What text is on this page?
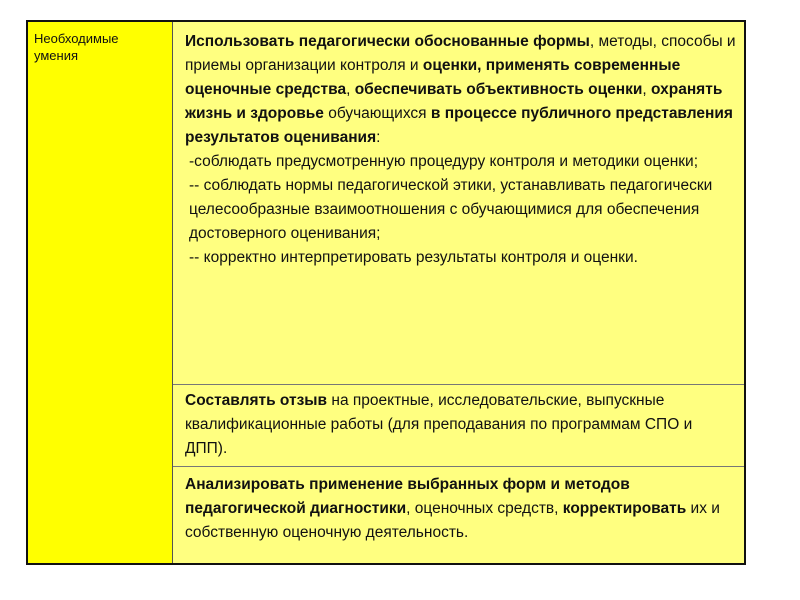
Необходимые умения
Использовать педагогически обоснованные формы, методы, способы и приемы организации контроля и оценки, применять современные оценочные средства, обеспечивать объективность оценки, охранять жизнь и здоровье обучающихся в процессе публичного представления результатов оценивания:
-соблюдать предусмотренную процедуру контроля и методики оценки;
-- соблюдать нормы педагогической этики, устанавливать педагогически целесообразные взаимоотношения с обучающимися для обеспечения достоверного оценивания;
-- корректно интерпретировать результаты контроля и оценки.
Составлять отзыв на проектные, исследовательские, выпускные квалификационные работы (для преподавания по программам СПО и ДПП).
Анализировать применение выбранных форм и методов педагогической диагностики, оценочных средств, корректировать их и собственную оценочную деятельность.
